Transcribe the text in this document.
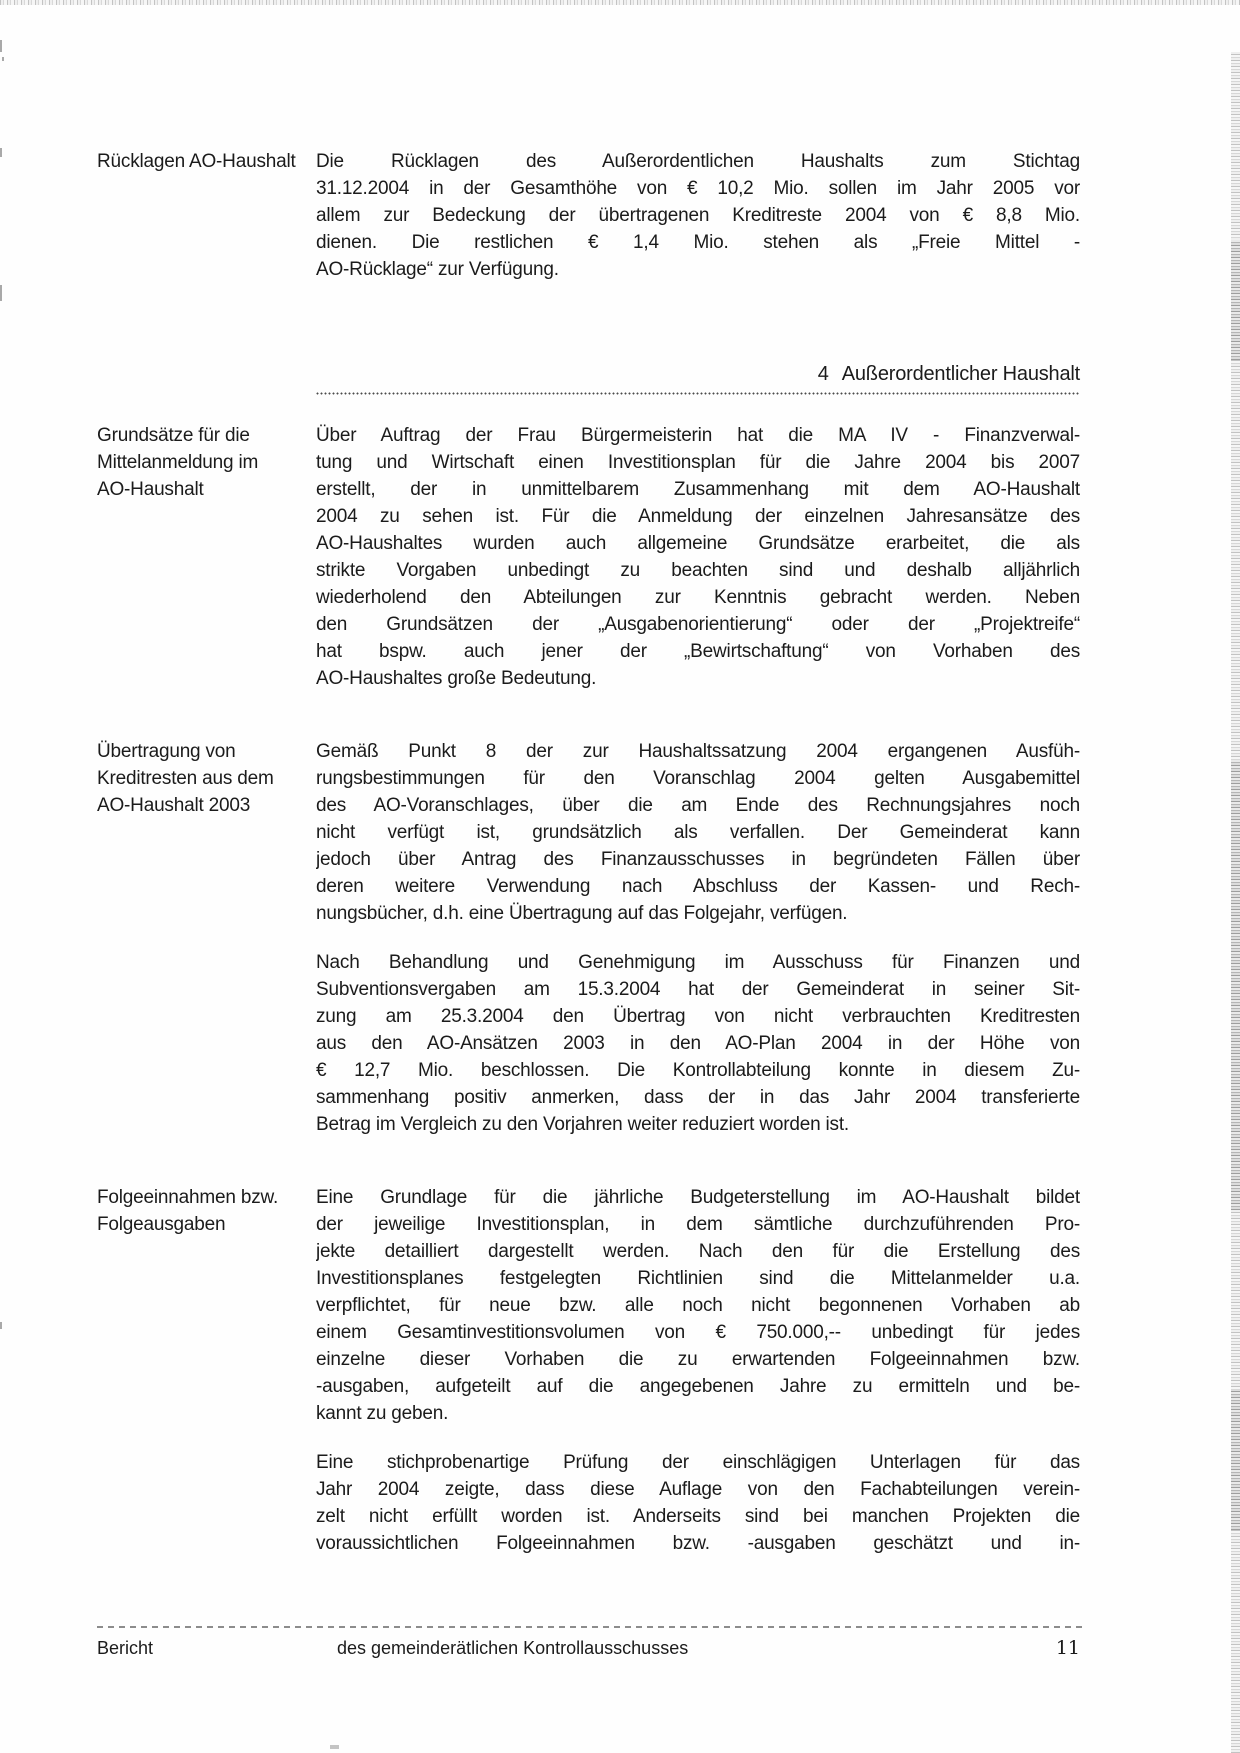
Rücklagen AO-Haushalt	Die Rücklagen des Außerordentlichen Haushalts zum Stichtag
31.12.2004 in der Gesamthöhe von € 10,2 Mio. sollen im Jahr 2005 vor
allem zur Bedeckung der übertragenen Kreditreste 2004 von € 8,8 Mio.
dienen. Die restlichen € 1,4 Mio. stehen als „Freie Mittel -
AO-Rücklage“ zur Verfügung.
4 Außerordentlicher Haushalt
Grundsätze für die
Mittelanmeldung im
AO-Haushalt
Über Auftrag der Frau Bürgermeisterin hat die MA IV - Finanzverwal-
tung und Wirtschaft einen Investitionsplan für die Jahre 2004 bis 2007
erstellt, der in unmittelbarem Zusammenhang mit dem AO-Haushalt
2004 zu sehen ist. Für die Anmeldung der einzelnen Jahresansätze des
AO-Haushaltes wurden auch allgemeine Grundsätze erarbeitet, die als
strikte Vorgaben unbedingt zu beachten sind und deshalb alljährlich
wiederholend den Abteilungen zur Kenntnis gebracht werden. Neben
den Grundsätzen der „Ausgabenorientierung“ oder der „Projektreife“
hat bspw. auch jener der „Bewirtschaftung“ von Vorhaben des
AO-Haushaltes große Bedeutung.
Übertragung von
Kreditresten aus dem
AO-Haushalt 2003
Gemäß Punkt 8 der zur Haushaltssatzung 2004 ergangenen Ausfüh-
rungsbestimmungen für den Voranschlag 2004 gelten Ausgabemittel
des AO-Voranschlages, über die am Ende des Rechnungsjahres noch
nicht verfügt ist, grundsätzlich als verfallen. Der Gemeinderat kann
jedoch über Antrag des Finanzausschusses in begründeten Fällen über
deren weitere Verwendung nach Abschluss der Kassen- und Rech-
nungsbücher, d.h. eine Übertragung auf das Folgejahr, verfügen.
Nach Behandlung und Genehmigung im Ausschuss für Finanzen und
Subventionsvergaben am 15.3.2004 hat der Gemeinderat in seiner Sit-
zung am 25.3.2004 den Übertrag von nicht verbrauchten Kreditresten
aus den AO-Ansätzen 2003 in den AO-Plan 2004 in der Höhe von
€ 12,7 Mio. beschlossen. Die Kontrollabteilung konnte in diesem Zu-
sammenhang positiv anmerken, dass der in das Jahr 2004 transferierte
Betrag im Vergleich zu den Vorjahren weiter reduziert worden ist.
Folgeeinnahmen bzw.
Folgeausgaben
Eine Grundlage für die jährliche Budgeterstellung im AO-Haushalt bildet
der jeweilige Investitionsplan, in dem sämtliche durchzuführenden Pro-
jekte detailliert dargestellt werden. Nach den für die Erstellung des
Investitionsplanes festgelegten Richtlinien sind die Mittelanmelder u.a.
verpflichtet, für neue bzw. alle noch nicht begonnenen Vorhaben ab
einem Gesamtinvestitionsvolumen von € 750.000,-- unbedingt für jedes
einzelne dieser Vorhaben die zu erwartenden Folgeeinnahmen bzw.
-ausgaben, aufgeteilt auf die angegebenen Jahre zu ermitteln und be-
kannt zu geben.
Eine stichprobenartige Prüfung der einschlägigen Unterlagen für das
Jahr 2004 zeigte, dass diese Auflage von den Fachabteilungen verein-
zelt nicht erfüllt worden ist. Anderseits sind bei manchen Projekten die
voraussichtlichen Folgeeinnahmen bzw. -ausgaben geschätzt und in-
Bericht	des gemeinderätlichen Kontrollausschusses	11
